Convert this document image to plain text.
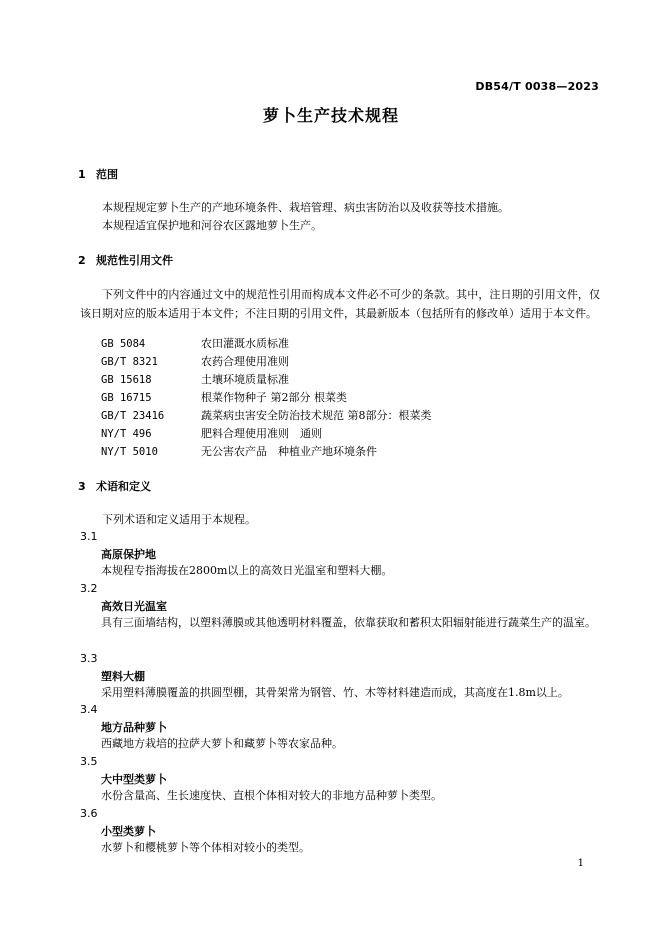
DB54/T 0038—2023
萝卜生产技术规程
1 范围
本规程规定萝卜生产的产地环境条件、栽培管理、病虫害防治以及收获等技术措施。
本规程适宜保护地和河谷农区露地萝卜生产。
2 规范性引用文件
下列文件中的内容通过文中的规范性引用而构成本文件必不可少的条款。其中，注日期的引用文件，仅该日期对应的版本适用于本文件；不注日期的引用文件，其最新版本（包括所有的修改单）适用于本文件。
GB 5084	农田灌溉水质标准
GB/T 8321	农药合理使用准则
GB 15618	土壤环境质量标准
GB 16715	根菜作物种子 第2部分 根菜类
GB/T 23416	蔬菜病虫害安全防治技术规范 第8部分：根菜类
NY/T 496	肥料合理使用准则　通则
NY/T 5010	无公害农产品　种植业产地环境条件
3 术语和定义
下列术语和定义适用于本规程。
3.1
高原保护地
本规程专指海拔在2800m以上的高效日光温室和塑料大棚。
3.2
高效日光温室
具有三面墙结构，以塑料薄膜或其他透明材料覆盖，依靠获取和蓄积太阳辐射能进行蔬菜生产的温室。
3.3
塑料大棚
采用塑料薄膜覆盖的拱圆型棚，其骨架常为钢管、竹、木等材料建造而成，其高度在1.8m以上。
3.4
地方品种萝卜
西藏地方栽培的拉萨大萝卜和藏萝卜等农家品种。
3.5
大中型类萝卜
水份含量高、生长速度快、直根个体相对较大的非地方品种萝卜类型。
3.6
小型类萝卜
水萝卜和樱桃萝卜等个体相对较小的类型。
1
